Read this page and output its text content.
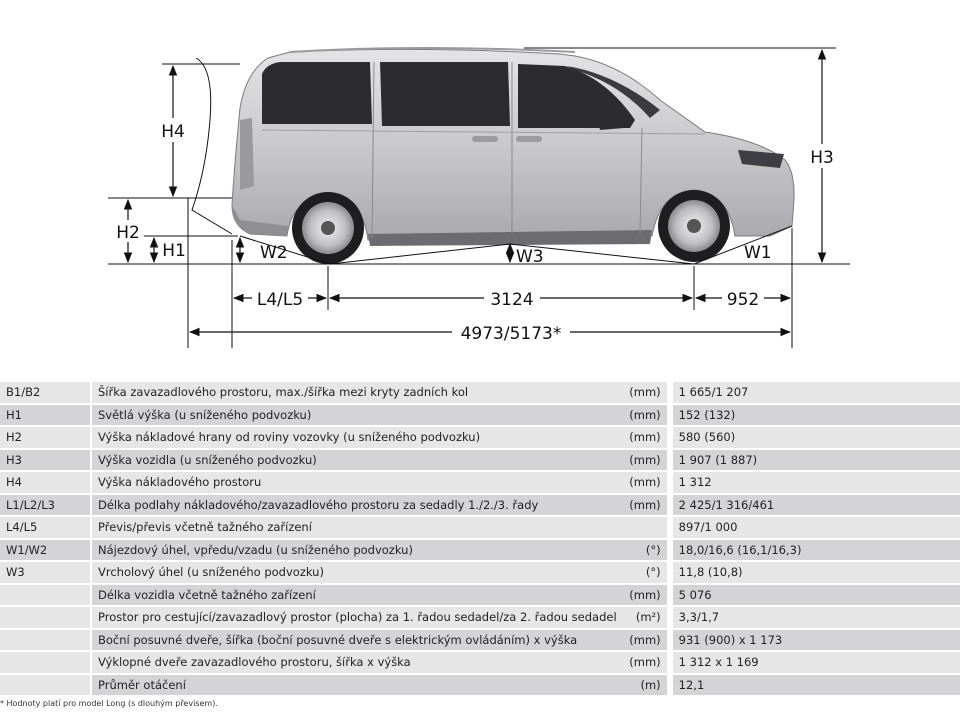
H4
H2
H1
H3
W2	W3	W1
L4/L5	3124	952
4973/5173*
B1/B2	Šířka zavazadlového prostoru, max./šířka mezi kryty zadních kol	(mm)	1 665/1 207
H1	Světlá výška (u sníženého podvozku)	(mm)	152 (132)
H2	Výška nákladové hrany od roviny vozovky (u sníženého podvozku)	(mm)	580 (560)
H3	Výška vozidla (u sníženého podvozku)	(mm)	1 907 (1 887)
H4	Výška nákladového prostoru	(mm)	1 312
L1/L2/L3	Délka podlahy nákladového/zavazadlového prostoru za sedadly 1./2./3. řady	(mm)	2 425/1 316/461
L4/L5	Převis/převis včetně tažného zařízení		897/1 000
W1/W2	Nájezdový úhel, vpředu/vzadu (u sníženého podvozku)	(°)	18,0/16,6 (16,1/16,3)
W3	Vrcholový úhel (u sníženého podvozku)	(°)	11,8 (10,8)
	Délka vozidla včetně tažného zařízení	(mm)	5 076
	Prostor pro cestující/zavazadlový prostor (plocha) za 1. řadou sedadel/za 2. řadou sedadel	(m²)	3,3/1,7
	Boční posuvné dveře, šířka (boční posuvné dveře s elektrickým ovládáním) x výška	(mm)	931 (900) x 1 173
	Výklopné dveře zavazadlového prostoru, šířka x výška	(mm)	1 312 x 1 169
	Průměr otáčení	(m)	12,1
* Hodnoty platí pro model Long (s dlouhým převisem).
